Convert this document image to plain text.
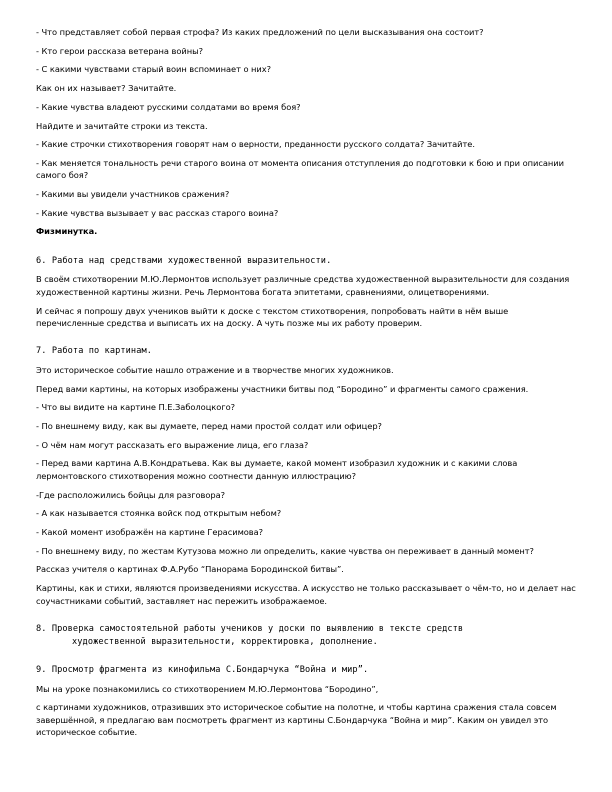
- Что представляет собой первая строфа? Из каких предложений по цели высказывания она состоит?

- Кто герои рассказа ветерана войны?

- С какими чувствами старый воин вспоминает о них?

Как он их называет? Зачитайте.

- Какие чувства владеют русскими солдатами во время боя?

Найдите и зачитайте строки из текста.

- Какие строчки стихотворения говорят нам о верности, преданности русского солдата? Зачитайте.

- Как меняется тональность речи старого воина от момента описания отступления до подготовки к бою и при описании самого боя?

- Какими вы увидели участников сражения?

- Какие чувства вызывает у вас рассказ старого воина?

Физминутка.

6. Работа над средствами художественной выразительности.

В своём стихотворении М.Ю.Лермонтов использует различные средства художественной выразительности для создания художественной картины жизни. Речь Лермонтова богата эпитетами, сравнениями, олицетворениями.

И сейчас я попрошу двух учеников выйти к доске с текстом стихотворения, попробовать найти в нём выше перечисленные средства и выписать их на доску. А чуть позже мы их работу проверим.

7. Работа по картинам.

Это историческое событие нашло отражение и в творчестве многих художников.

Перед вами картины, на которых изображены участники битвы под “Бородино” и фрагменты самого сражения.

- Что вы видите на картине П.Е.Заболоцкого?

- По внешнему виду, как вы думаете, перед нами простой солдат или офицер?

- О чём нам могут рассказать его выражение лица, его глаза?

- Перед вами картина А.В.Кондратьева. Как вы думаете, какой момент изобразил художник и с какими слова лермонтовского стихотворения можно соотнести данную иллюстрацию?

-Где расположились бойцы для разговора?

- А как называется стоянка войск под открытым небом?

- Какой момент изображён на картине Герасимова?

- По внешнему виду, по жестам Кутузова можно ли определить, какие чувства он переживает в данный момент?

Рассказ учителя о картинах Ф.А.Рубо “Панорама Бородинской битвы”.

Картины, как и стихи, являются произведениями искусства. А искусство не только рассказывает о чём-то, но и делает нас соучастниками событий, заставляет нас пережить изображаемое.

8. Проверка самостоятельной работы учеников у доски по выявлению в тексте средств
художественной выразительности, корректировка, дополнение.
9. Просмотр фрагмента из кинофильма С.Бондарчука “Война и мир”.

Мы на уроке познакомились со стихотворением М.Ю.Лермонтова “Бородино”,

с картинами художников, отразивших это историческое событие на полотне, и чтобы картина сражения стала совсем завершённой, я предлагаю вам посмотреть фрагмент из картины С.Бондарчука “Война и мир”. Каким он увидел это историческое событие.
